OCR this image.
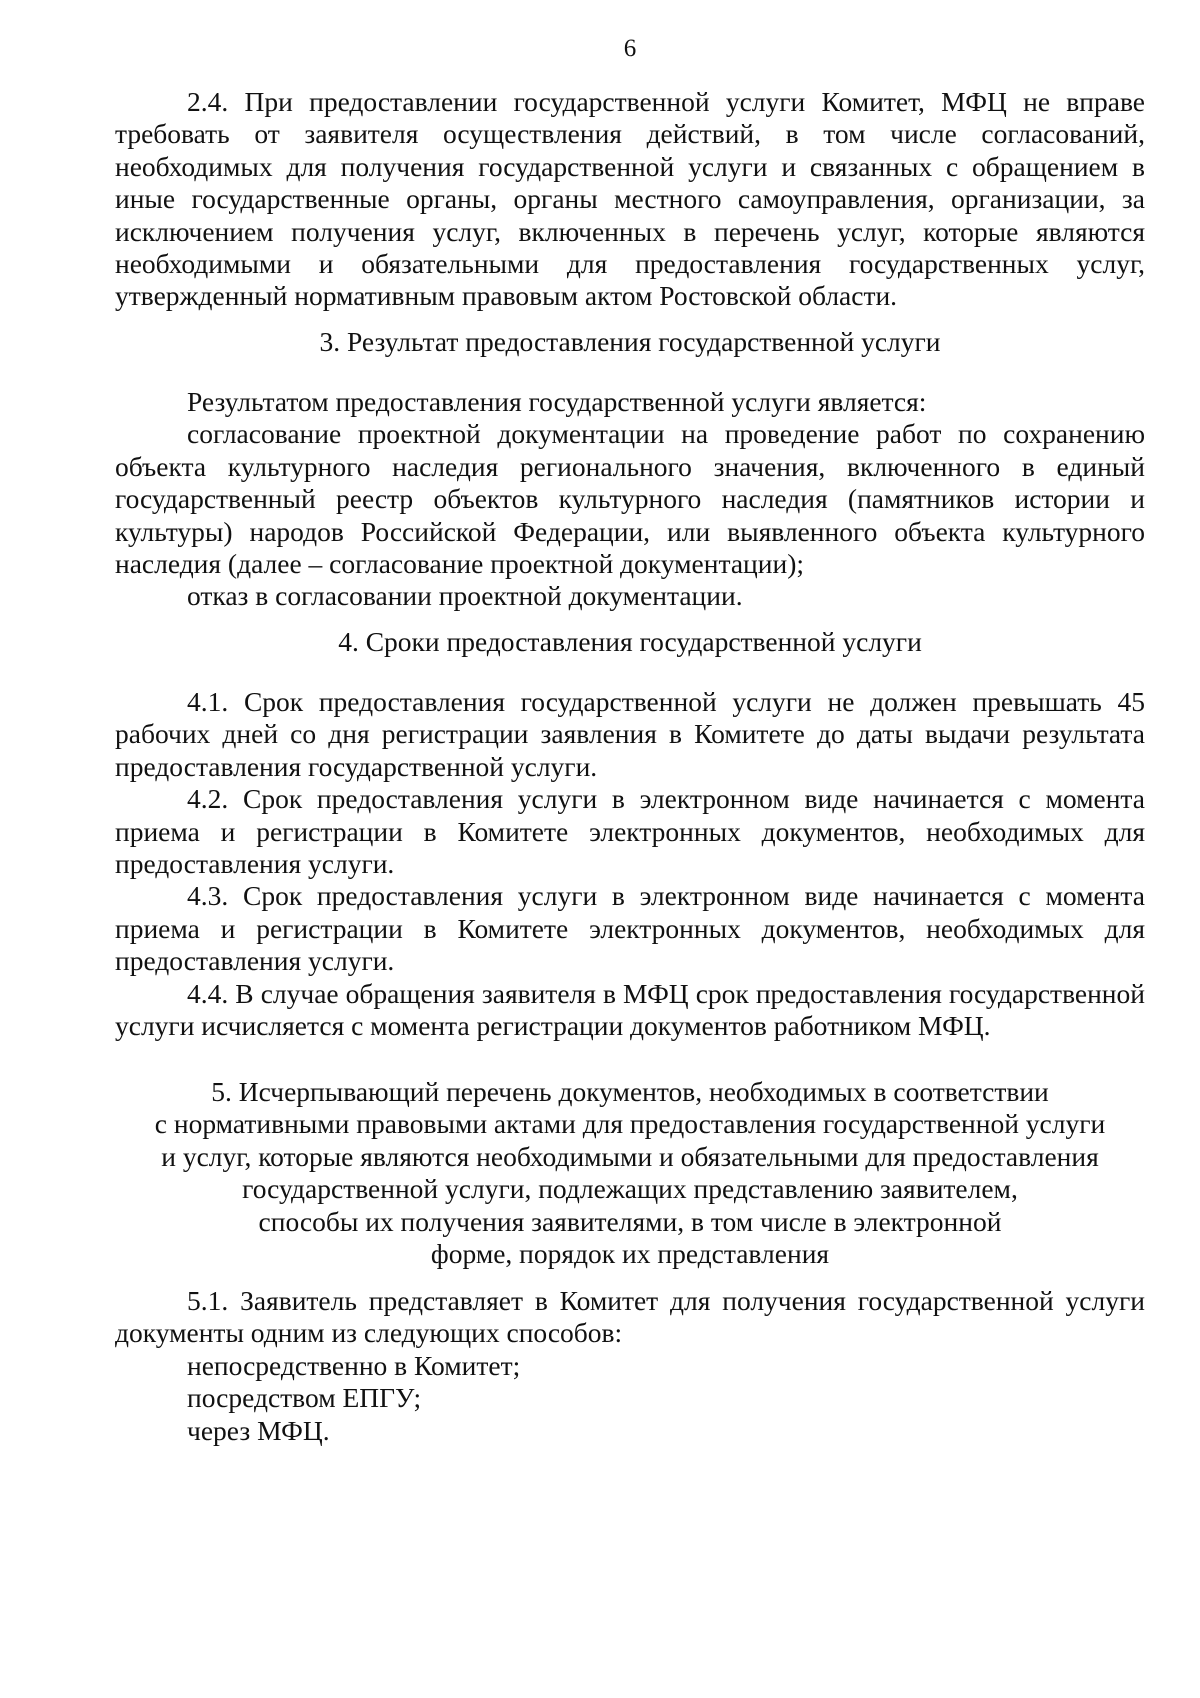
6

2.4. При предоставлении государственной услуги Комитет, МФЦ не вправе требовать от заявителя осуществления действий, в том числе согласований, необходимых для получения государственной услуги и связанных с обращением в иные государственные органы, органы местного самоуправления, организации, за исключением получения услуг, включенных в перечень услуг, которые являются необходимыми и обязательными для предоставления государственных услуг, утвержденный нормативным правовым актом Ростовской области.

3. Результат предоставления государственной услуги

Результатом предоставления государственной услуги является:

согласование проектной документации на проведение работ по сохранению объекта культурного наследия регионального значения, включенного в единый государственный реестр объектов культурного наследия (памятников истории и культуры) народов Российской Федерации, или выявленного объекта культурного наследия (далее – согласование проектной документации);

отказ в согласовании проектной документации.

4. Сроки предоставления государственной услуги

4.1. Срок предоставления государственной услуги не должен превышать 45 рабочих дней со дня регистрации заявления в Комитете до даты выдачи результата предоставления государственной услуги.

4.2. Срок предоставления услуги в электронном виде начинается с момента приема и регистрации в Комитете электронных документов, необходимых для предоставления услуги.

4.3. Срок предоставления услуги в электронном виде начинается с момента приема и регистрации в Комитете электронных документов, необходимых для предоставления услуги.

4.4. В случае обращения заявителя в МФЦ срок предоставления государственной услуги исчисляется с момента регистрации документов работником МФЦ.

5. Исчерпывающий перечень документов, необходимых в соответствии
с нормативными правовыми актами для предоставления государственной услуги
и услуг, которые являются необходимыми и обязательными для предоставления
государственной услуги, подлежащих представлению заявителем,
способы их получения заявителями, в том числе в электронной
форме, порядок их представления

5.1. Заявитель представляет в Комитет для получения государственной услуги документы одним из следующих способов:

непосредственно в Комитет;

посредством ЕПГУ;

через МФЦ.
